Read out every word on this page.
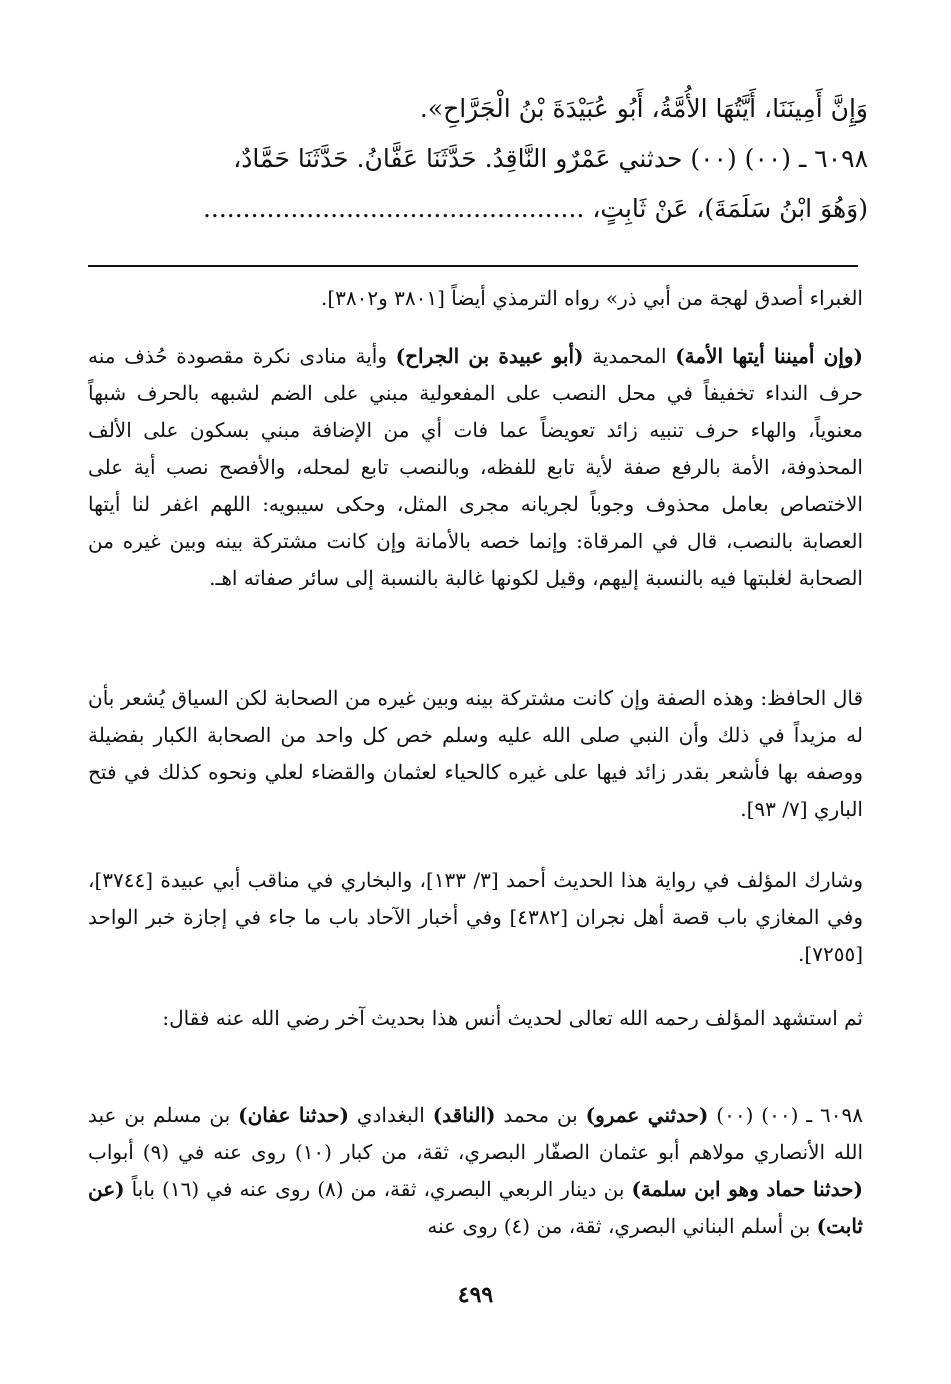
وَإِنَّ أَمِينَنَا، أَيَّتُهَا الأُمَّةُ، أَبُو عُبَيْدَةَ بْنُ الْجَرَّاحِ».

٦٠٩٨ ـ (٠٠) (٠٠) حدثني عَمْرٌو النَّاقِدُ. حَدَّثَنَا عَفَّانُ. حَدَّثَنَا حَمَّادٌ،

(وَهُوَ ابْنُ سَلَمَةَ)، عَنْ ثَابِتٍ، ................................................

الغبراء أصدق لهجة من أبي ذر» رواه الترمذي أيضاً [٣٨٠١ و٣٨٠٢].

(وإن أميننا أيتها الأمة) المحمدية (أبو عبيدة بن الجراح) وأية منادى نكرة مقصودة حُذف منه حرف النداء تخفيفاً في محل النصب على المفعولية مبني على الضم لشبهه بالحرف شبهاً معنوياً، والهاء حرف تنبيه زائد تعويضاً عما فات أي من الإضافة مبني بسكون على الألف المحذوفة، الأمة بالرفع صفة لأية تابع للفظه، وبالنصب تابع لمحله، والأفصح نصب أية على الاختصاص بعامل محذوف وجوباً لجريانه مجرى المثل، وحكى سيبويه: اللهم اغفر لنا أيتها العصابة بالنصب، قال في المرقاة: وإنما خصه بالأمانة وإن كانت مشتركة بينه وبين غيره من الصحابة لغلبتها فيه بالنسبة إليهم، وقيل لكونها غالبة بالنسبة إلى سائر صفاته اهـ.

قال الحافظ: وهذه الصفة وإن كانت مشتركة بينه وبين غيره من الصحابة لكن السياق يُشعر بأن له مزيداً في ذلك وأن النبي صلى الله عليه وسلم خص كل واحد من الصحابة الكبار بفضيلة ووصفه بها فأشعر بقدر زائد فيها على غيره كالحياء لعثمان والقضاء لعلي ونحوه كذلك في فتح الباري [٧/ ٩٣].

وشارك المؤلف في رواية هذا الحديث أحمد [٣/ ١٣٣]، والبخاري في مناقب أبي عبيدة [٣٧٤٤]، وفي المغازي باب قصة أهل نجران [٤٣٨٢] وفي أخبار الآحاد باب ما جاء في إجازة خبر الواحد [٧٢٥٥].

ثم استشهد المؤلف رحمه الله تعالى لحديث أنس هذا بحديث آخر رضي الله عنه فقال:

٦٠٩٨ ـ (٠٠) (٠٠) (حدثني عمرو) بن محمد (الناقد) البغدادي (حدثنا عفان) بن مسلم بن عبد الله الأنصاري مولاهم أبو عثمان الصفّار البصري، ثقة، من كبار (١٠) روى عنه في (٩) أبواب (حدثنا حماد وهو ابن سلمة) بن دينار الربعي البصري، ثقة، من (٨) روى عنه في (١٦) باباً (عن ثابت) بن أسلم البناني البصري، ثقة، من (٤) روى عنه

٤٩٩
